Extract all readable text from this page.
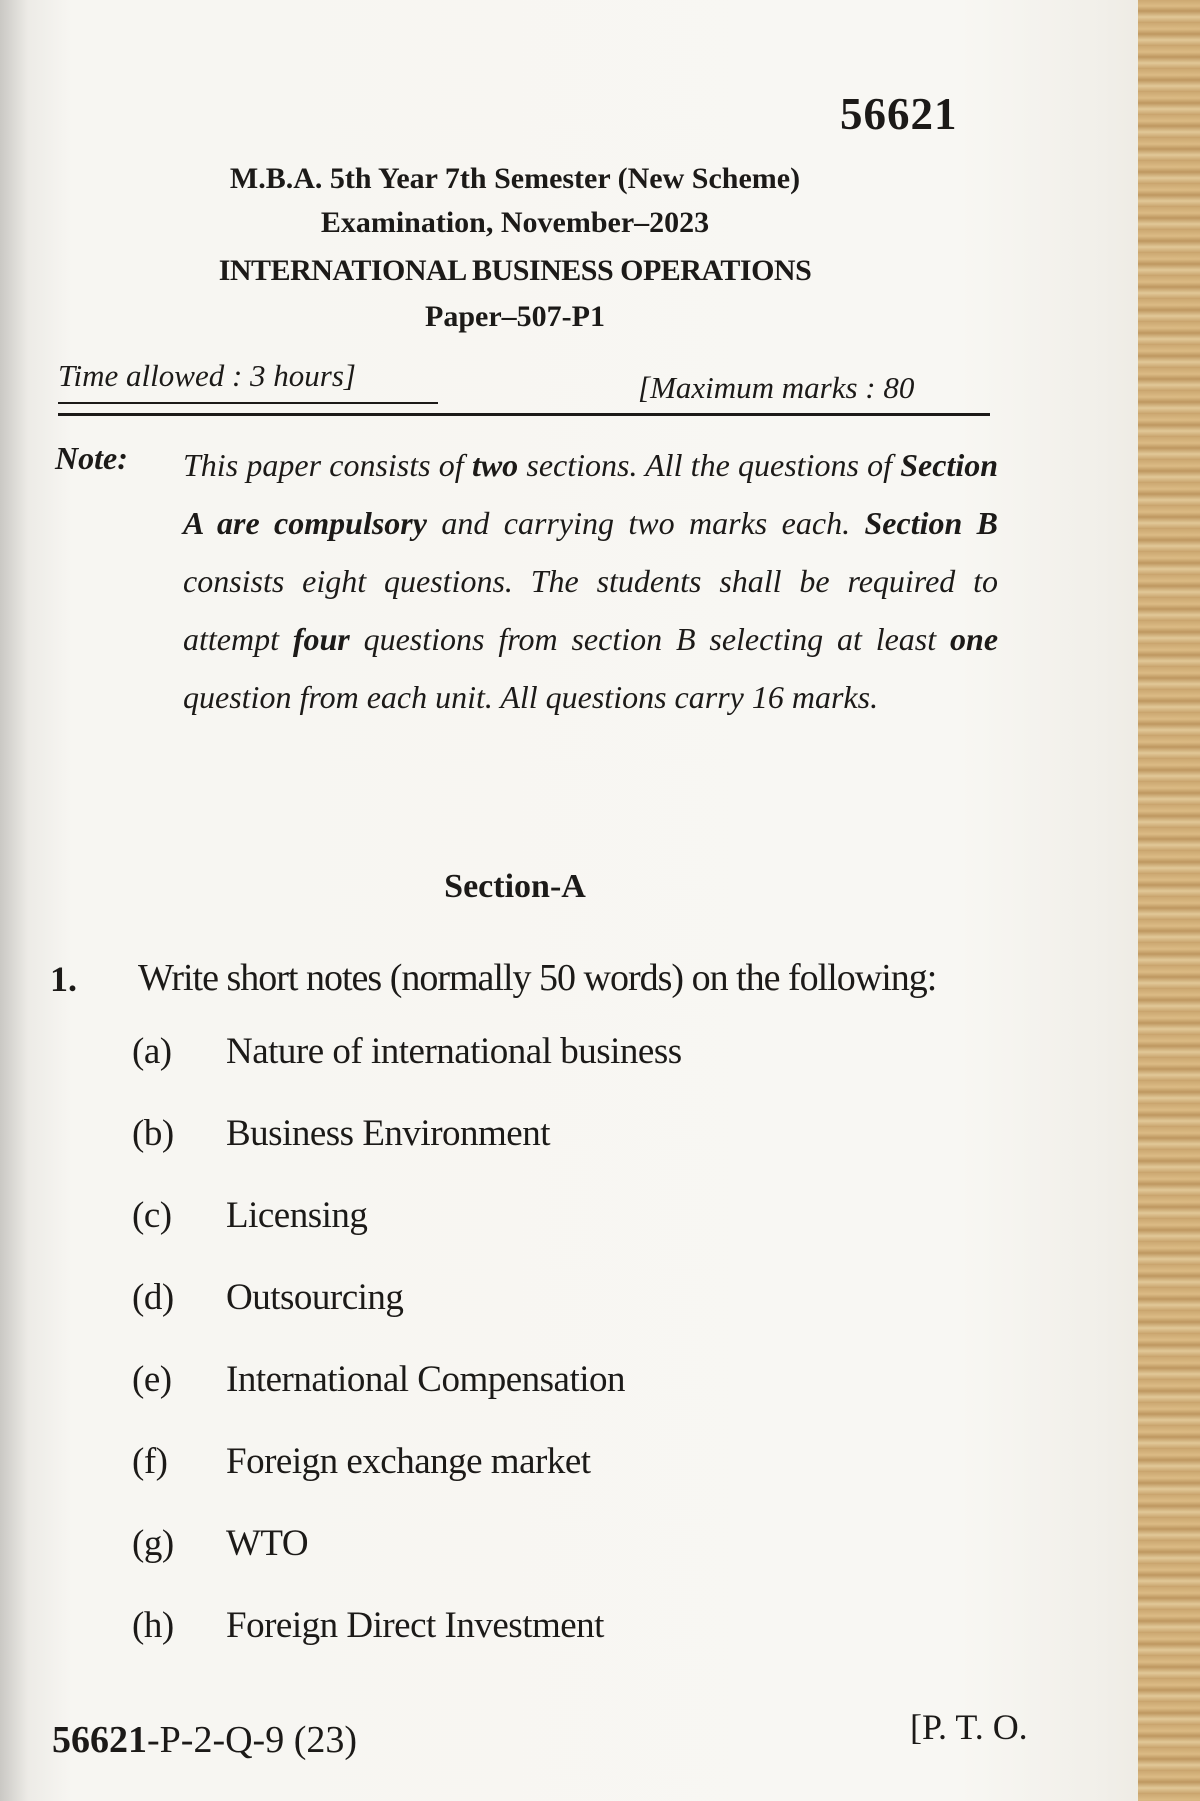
56621
M.B.A. 5th Year 7th Semester (New Scheme)
Examination, November–2023
INTERNATIONAL BUSINESS OPERATIONS
Paper–507-P1
Time allowed : 3 hours]	[Maximum marks : 80
Note: This paper consists of two sections. All the questions of Section A are compulsory and carrying two marks each. Section B consists eight questions. The students shall be required to attempt four questions from section B selecting at least one question from each unit. All questions carry 16 marks.
Section-A
1. Write short notes (normally 50 words) on the following:
(a) Nature of international business
(b) Business Environment
(c) Licensing
(d) Outsourcing
(e) International Compensation
(f) Foreign exchange market
(g) WTO
(h) Foreign Direct Investment
56621-P-2-Q-9 (23)	[P. T. O.
